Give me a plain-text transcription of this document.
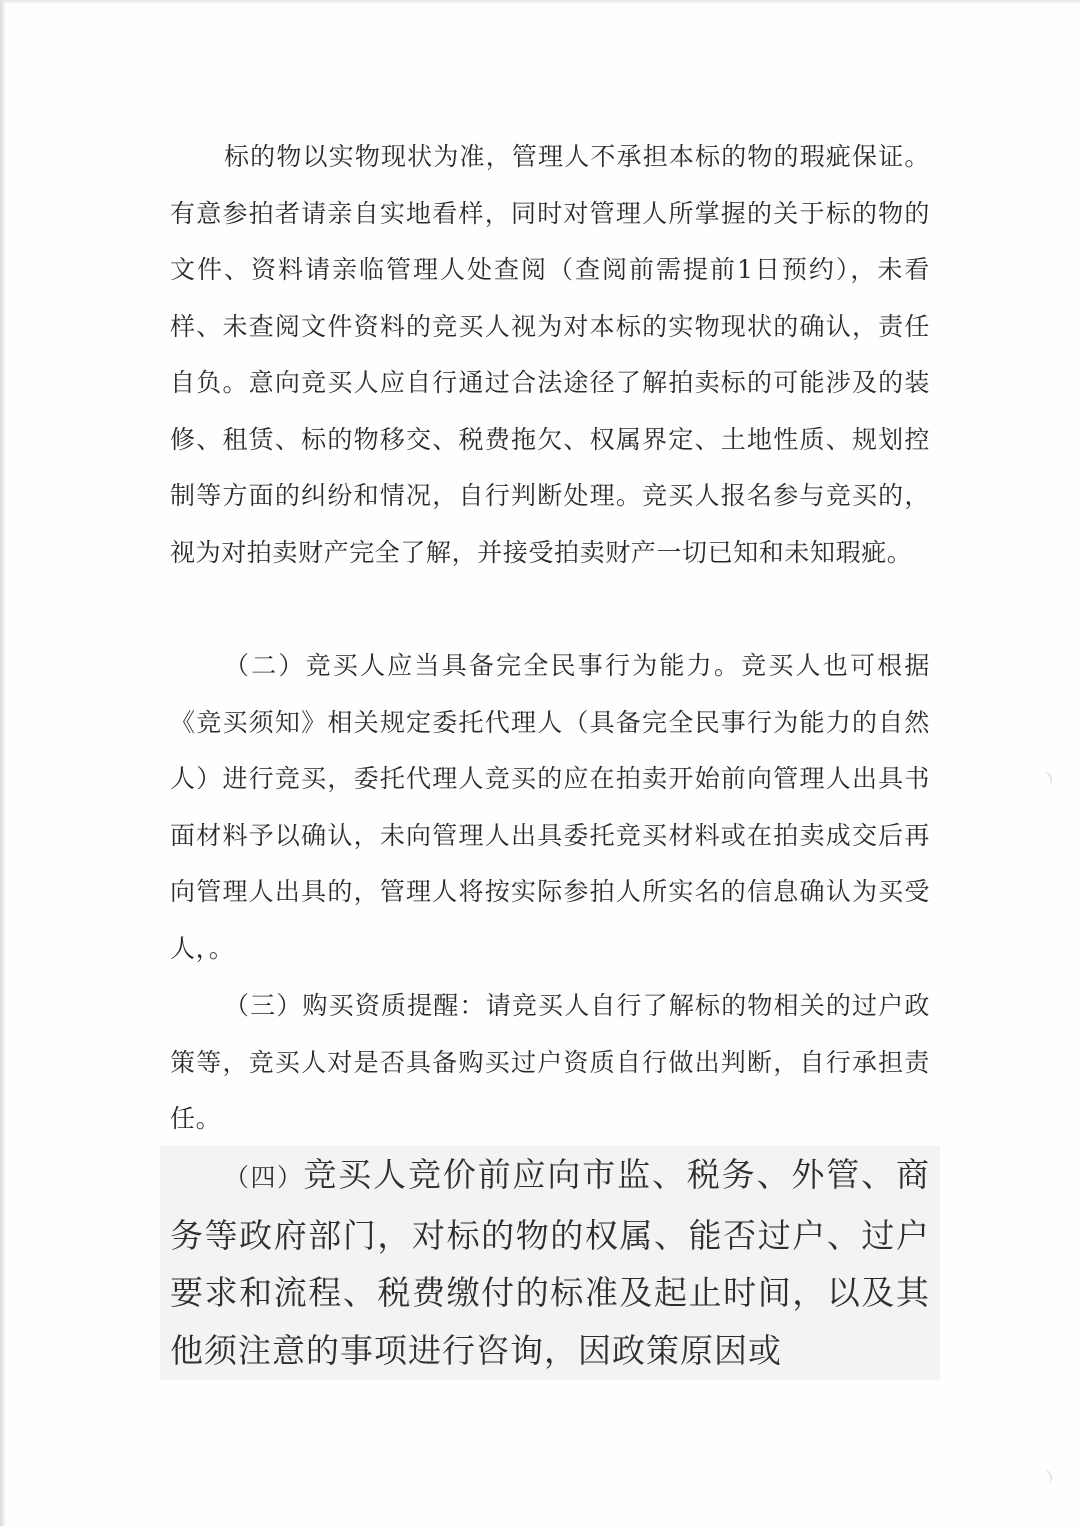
标的物以实物现状为准，管理人不承担本标的物的瑕疵保证。有意参拍者请亲自实地看样，同时对管理人所掌握的关于标的物的文件、资料请亲临管理人处查阅（查阅前需提前1日预约），未看样、未查阅文件资料的竞买人视为对本标的实物现状的确认，责任自负。意向竞买人应自行通过合法途径了解拍卖标的可能涉及的装修、租赁、标的物移交、税费拖欠、权属界定、土地性质、规划控制等方面的纠纷和情况，自行判断处理。竞买人报名参与竞买的，视为对拍卖财产完全了解，并接受拍卖财产一切已知和未知瑕疵。

（二）竞买人应当具备完全民事行为能力。竞买人也可根据《竞买须知》相关规定委托代理人（具备完全民事行为能力的自然人）进行竞买，委托代理人竞买的应在拍卖开始前向管理人出具书面材料予以确认，未向管理人出具委托竞买材料或在拍卖成交后再向管理人出具的，管理人将按实际参拍人所实名的信息确认为买受人，。

（三）购买资质提醒：请竞买人自行了解标的物相关的过户政策等，竞买人对是否具备购买过户资质自行做出判断，自行承担责任。

（四）竞买人竞价前应向市监、税务、外管、商务等政府部门，对标的物的权属、能否过户、过户要求和流程、税费缴付的标准及起止时间，以及其他须注意的事项进行咨询，因政策原因或
